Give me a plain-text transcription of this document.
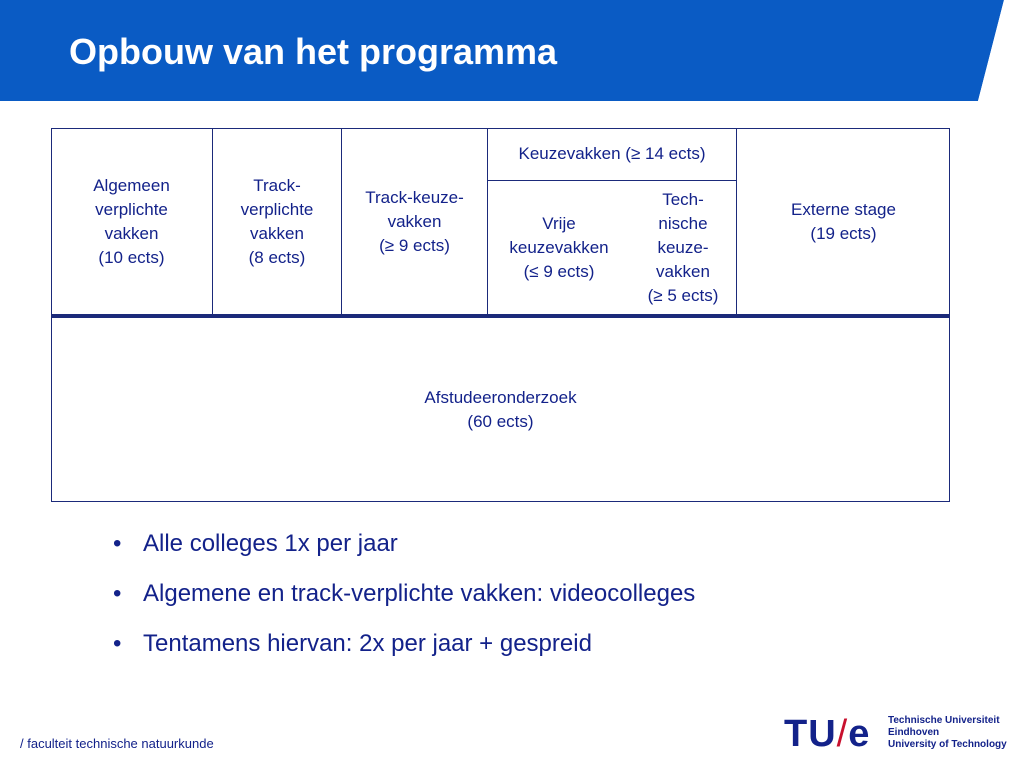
Opbouw van het programma
Algemeen
verplichte
vakken
(10 ects)
Track-
verplichte
vakken
(8 ects)
Track-keuze-
vakken
(≥ 9 ects)
Keuzevakken (≥ 14 ects)
Vrije
keuzevakken
(≤ 9 ects)
Tech-
nische
keuze-
vakken
(≥ 5 ects)
Externe stage
(19 ects)
Afstudeeronderzoek
(60 ects)
• Alle colleges 1x per jaar
• Algemene en track-verplichte vakken: videocolleges
• Tentamens hiervan: 2x per jaar + gespreid
/ faculteit technische natuurkunde	TU/e Technische Universiteit
Eindhoven
University of Technology
